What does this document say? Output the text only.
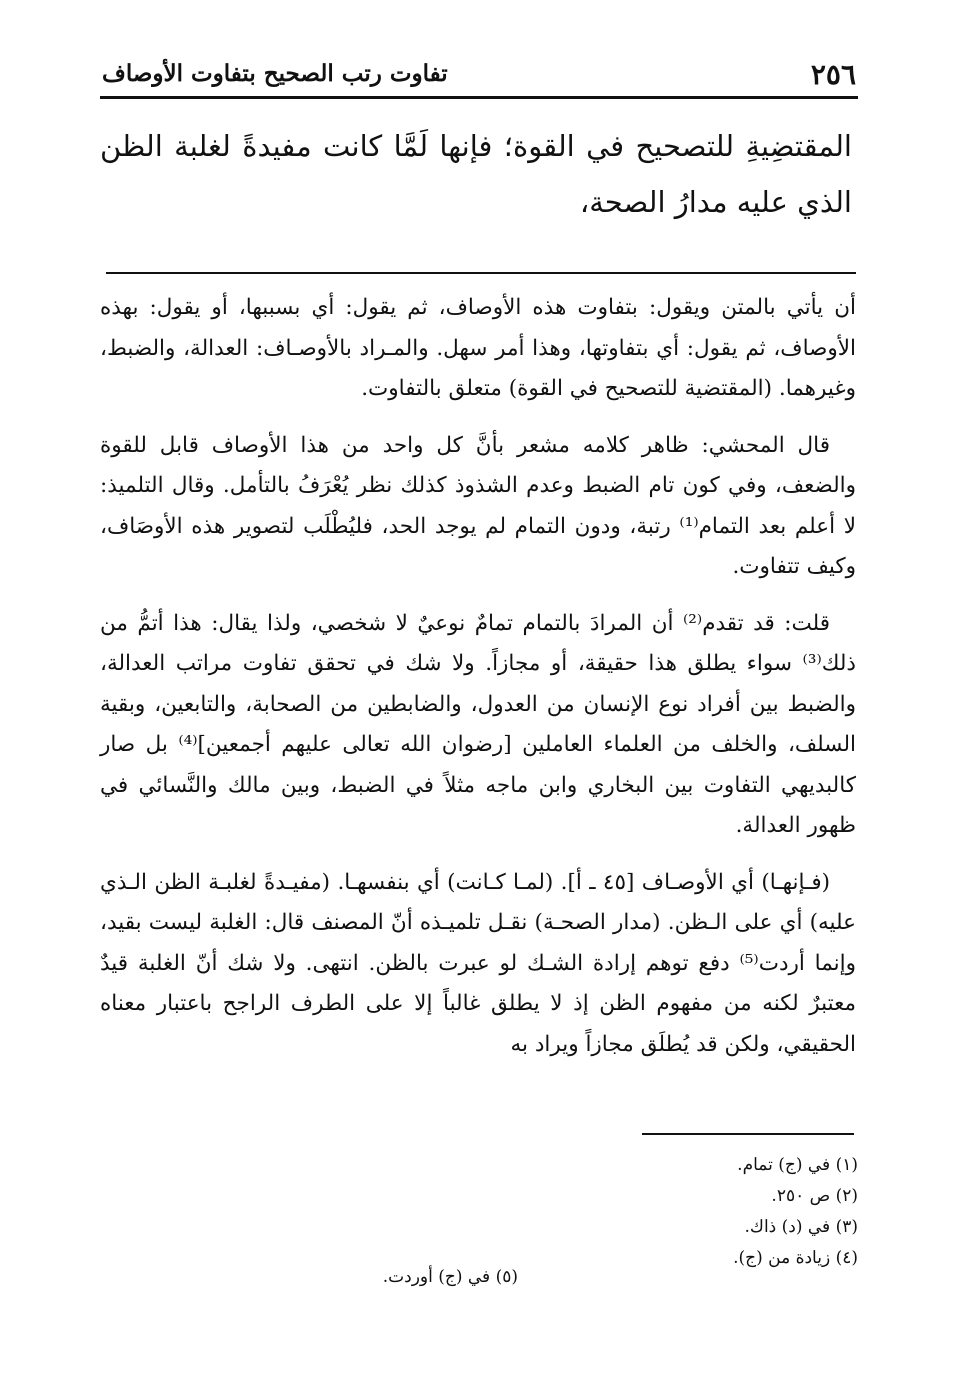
٢٥٦
تفاوت رتب الصحيح بتفاوت الأوصاف

المقتضِيةِ للتصحيح في القوة؛ فإنها لَمَّا كانت مفيدةً لغلبة الظن الذي عليه مدارُ الصحة،

أن يأتي بالمتن ويقول: بتفاوت هذه الأوصاف، ثم يقول: أي بسببها، أو يقول: بهذه الأوصاف، ثم يقول: أي بتفاوتها، وهذا أمر سهل. والمـراد بالأوصـاف: العدالة، والضبط، وغيرهما. (المقتضية للتصحيح في القوة) متعلق بالتفاوت.

قال المحشي: ظاهر كلامه مشعر بأنَّ كل واحد من هذا الأوصاف قابل للقوة والضعف، وفي كون تام الضبط وعدم الشذوذ كذلك نظر يُعْرَفُ بالتأمل. وقال التلميذ: لا أعلم بعد التمام⁽¹⁾ رتبة، ودون التمام لم يوجد الحد، فليُطْلَب لتصوير هذه الأوصَاف، وكيف تتفاوت.

قلت: قد تقدم⁽²⁾ أن المرادَ بالتمام تمامٌ نوعيٌ لا شخصي، ولذا يقال: هذا أتمُّ من ذلك⁽³⁾ سواء يطلق هذا حقيقة، أو مجازاً. ولا شك في تحقق تفاوت مراتب العدالة، والضبط بين أفراد نوع الإنسان من العدول، والضابطين من الصحابة، والتابعين، وبقية السلف، والخلف من العلماء العاملين [رضوان الله تعالى عليهم أجمعين]⁽⁴⁾ بل صار كالبديهي التفاوت بين البخاري وابن ماجه مثلاً في الضبط، وبين مالك والنَّسائي في ظهور العدالة.

(فـإنهـا) أي الأوصـاف [٤٥ ـ أ]. (لمـا كـانت) أي بنفسهـا. (مفيـدةً لغلبـة الظن الـذي عليه) أي على الـظن. (مدار الصحـة) نقـل تلميـذه أنّ المصنف قال: الغلبة ليست بقيد، وإنما أردت⁽⁵⁾ دفع توهم إرادة الشـك لو عبرت بالظن. انتهى. ولا شك أنّ الغلبة قيدٌ معتبرٌ لكنه من مفهوم الظن إذ لا يطلق غالباً إلا على الطرف الراجح باعتبار معناه الحقيقي، ولكن قد يُطلَق مجازاً ويراد به

(١) في (ج) تمام.
(٢) ص ٢٥٠.
(٣) في (د) ذاك.
(٤) زيادة من (ج).
(٥) في (ج) أوردت.
